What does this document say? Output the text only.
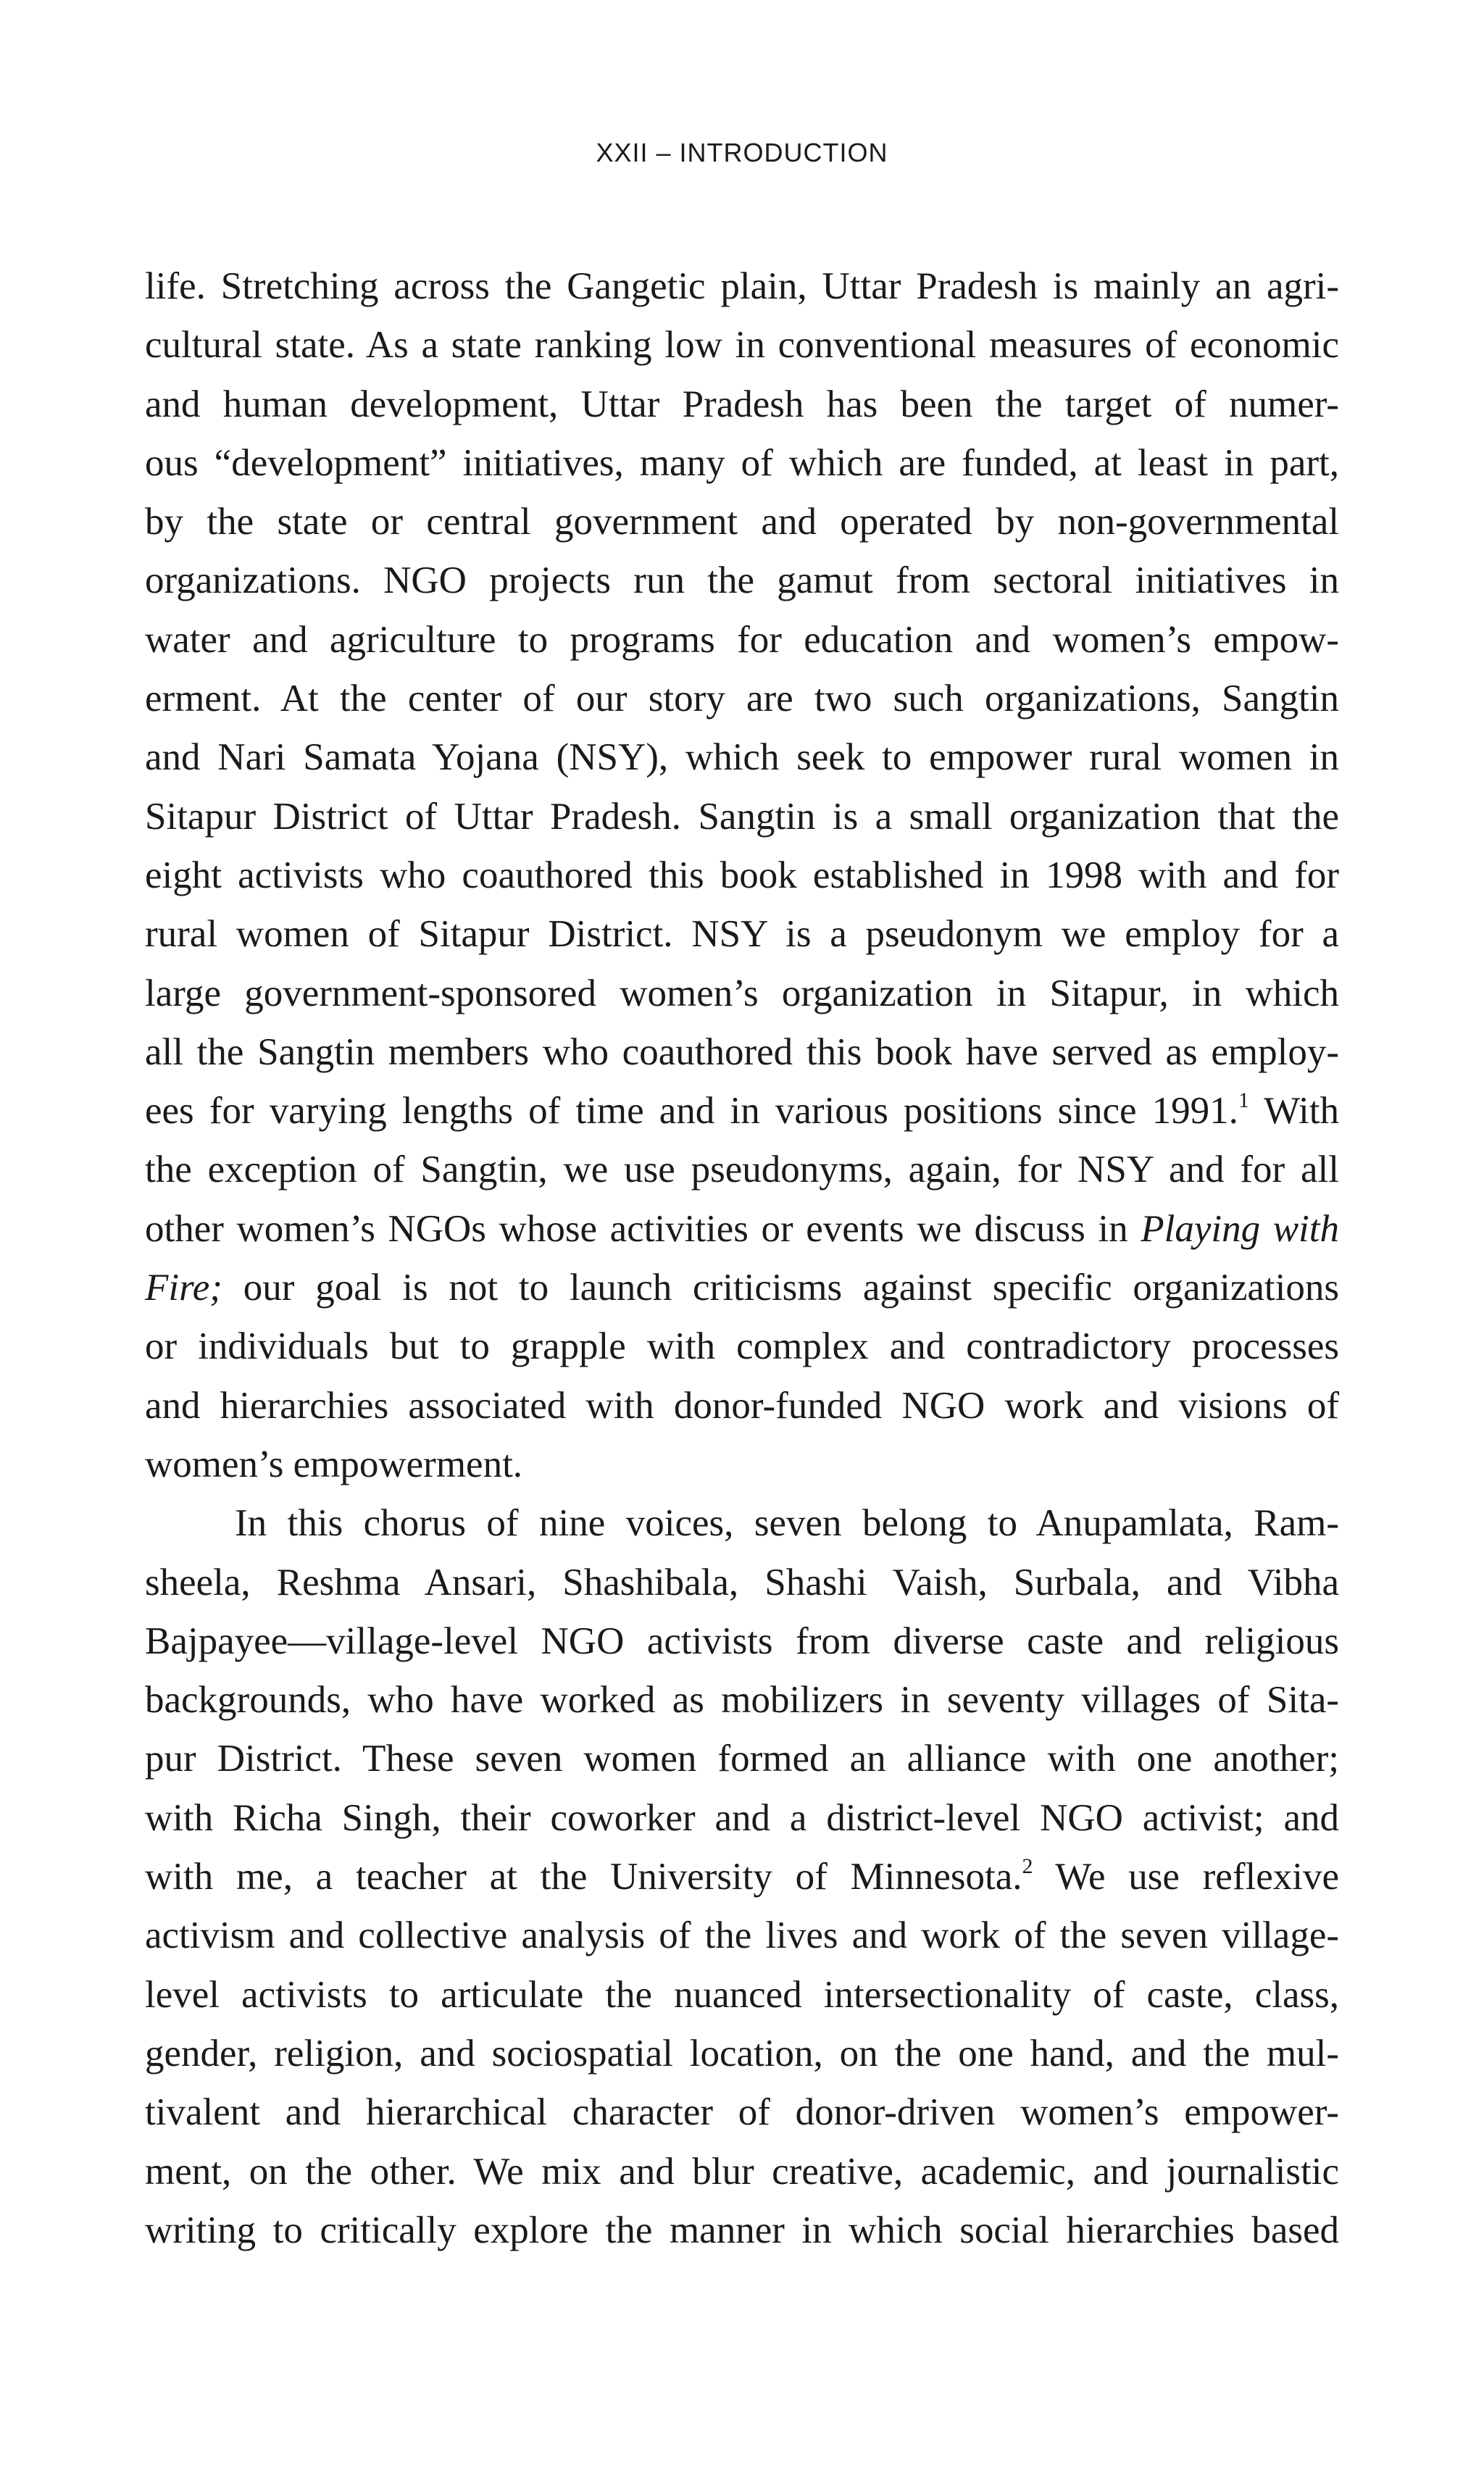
XXII – INTRODUCTION
life. Stretching across the Gangetic plain, Uttar Pradesh is mainly an agri-
cultural state. As a state ranking low in conventional measures of economic
and human development, Uttar Pradesh has been the target of numer-
ous “development” initiatives, many of which are funded, at least in part,
by the state or central government and operated by non-governmental
organizations. NGO projects run the gamut from sectoral initiatives in
water and agriculture to programs for education and women’s empow-
erment. At the center of our story are two such organizations, Sangtin
and Nari Samata Yojana (NSY), which seek to empower rural women in
Sitapur District of Uttar Pradesh. Sangtin is a small organization that the
eight activists who coauthored this book established in 1998 with and for
rural women of Sitapur District. NSY is a pseudonym we employ for a
large government-sponsored women’s organization in Sitapur, in which
all the Sangtin members who coauthored this book have served as employ-
ees for varying lengths of time and in various positions since 1991.$^1$ With
the exception of Sangtin, we use pseudonyms, again, for NSY and for all
other women’s NGOs whose activities or events we discuss in Playing with
Fire; our goal is not to launch criticisms against specific organizations
or individuals but to grapple with complex and contradictory processes
and hierarchies associated with donor-funded NGO work and visions of
women’s empowerment.
In this chorus of nine voices, seven belong to Anupamlata, Ram-
sheela, Reshma Ansari, Shashibala, Shashi Vaish, Surbala, and Vibha
Bajpayee—village-level NGO activists from diverse caste and religious
backgrounds, who have worked as mobilizers in seventy villages of Sita-
pur District. These seven women formed an alliance with one another;
with Richa Singh, their coworker and a district-level NGO activist; and
with me, a teacher at the University of Minnesota.$^2$ We use reflexive
activism and collective analysis of the lives and work of the seven village-
level activists to articulate the nuanced intersectionality of caste, class,
gender, religion, and sociospatial location, on the one hand, and the mul-
tivalent and hierarchical character of donor-driven women’s empower-
ment, on the other. We mix and blur creative, academic, and journalistic
writing to critically explore the manner in which social hierarchies based
